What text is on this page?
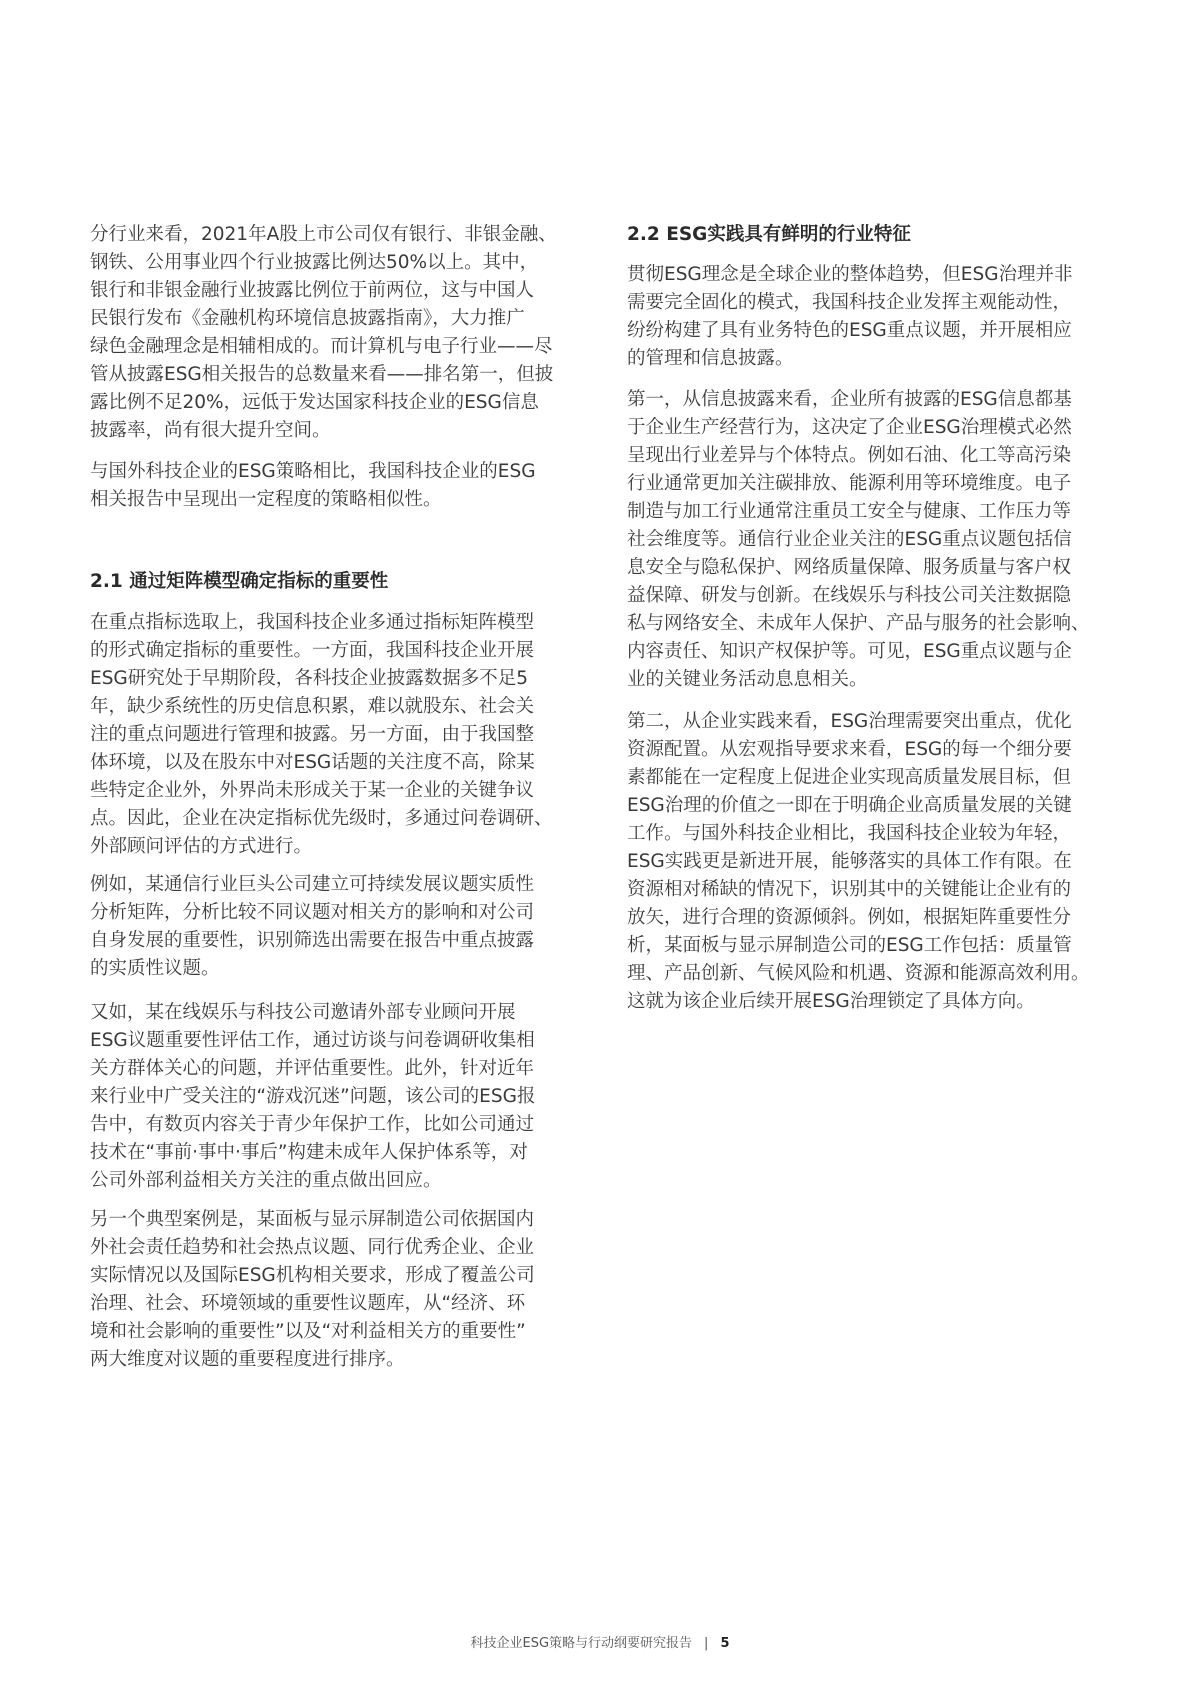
分行业来看，2021年A股上市公司仅有银行、非银金融、
钢铁、公用事业四个行业披露比例达50%以上。其中，
银行和非银金融行业披露比例位于前两位，这与中国人
民银行发布《金融机构环境信息披露指南》，大力推广
绿色金融理念是相辅相成的。而计算机与电子行业——尽
管从披露ESG相关报告的总数量来看——排名第一，但披
露比例不足20%，远低于发达国家科技企业的ESG信息
披露率，尚有很大提升空间。
与国外科技企业的ESG策略相比，我国科技企业的ESG
相关报告中呈现出一定程度的策略相似性。
2.1 通过矩阵模型确定指标的重要性
在重点指标选取上，我国科技企业多通过指标矩阵模型
的形式确定指标的重要性。一方面，我国科技企业开展
ESG研究处于早期阶段，各科技企业披露数据多不足5
年，缺少系统性的历史信息积累，难以就股东、社会关
注的重点问题进行管理和披露。另一方面，由于我国整
体环境，以及在股东中对ESG话题的关注度不高，除某
些特定企业外，外界尚未形成关于某一企业的关键争议
点。因此，企业在决定指标优先级时，多通过问卷调研、
外部顾问评估的方式进行。
例如，某通信行业巨头公司建立可持续发展议题实质性
分析矩阵，分析比较不同议题对相关方的影响和对公司
自身发展的重要性，识别筛选出需要在报告中重点披露
的实质性议题。
又如，某在线娱乐与科技公司邀请外部专业顾问开展
ESG议题重要性评估工作，通过访谈与问卷调研收集相
关方群体关心的问题，并评估重要性。此外，针对近年
来行业中广受关注的“游戏沉迷”问题，该公司的ESG报
告中，有数页内容关于青少年保护工作，比如公司通过
技术在“事前·事中·事后”构建未成年人保护体系等，对
公司外部利益相关方关注的重点做出回应。
另一个典型案例是，某面板与显示屏制造公司依据国内
外社会责任趋势和社会热点议题、同行优秀企业、企业
实际情况以及国际ESG机构相关要求，形成了覆盖公司
治理、社会、环境领域的重要性议题库，从“经济、环
境和社会影响的重要性”以及“对利益相关方的重要性”
两大维度对议题的重要程度进行排序。
2.2 ESG实践具有鲜明的行业特征
贯彻ESG理念是全球企业的整体趋势，但ESG治理并非
需要完全固化的模式，我国科技企业发挥主观能动性，
纷纷构建了具有业务特色的ESG重点议题，并开展相应
的管理和信息披露。
第一，从信息披露来看，企业所有披露的ESG信息都基
于企业生产经营行为，这决定了企业ESG治理模式必然
呈现出行业差异与个体特点。例如石油、化工等高污染
行业通常更加关注碳排放、能源利用等环境维度。电子
制造与加工行业通常注重员工安全与健康、工作压力等
社会维度等。通信行业企业关注的ESG重点议题包括信
息安全与隐私保护、网络质量保障、服务质量与客户权
益保障、研发与创新。在线娱乐与科技公司关注数据隐
私与网络安全、未成年人保护、产品与服务的社会影响、
内容责任、知识产权保护等。可见，ESG重点议题与企
业的关键业务活动息息相关。
第二，从企业实践来看，ESG治理需要突出重点，优化
资源配置。从宏观指导要求来看，ESG的每一个细分要
素都能在一定程度上促进企业实现高质量发展目标，但
ESG治理的价值之一即在于明确企业高质量发展的关键
工作。与国外科技企业相比，我国科技企业较为年轻，
ESG实践更是新进开展，能够落实的具体工作有限。在
资源相对稀缺的情况下，识别其中的关键能让企业有的
放矢，进行合理的资源倾斜。例如，根据矩阵重要性分
析，某面板与显示屏制造公司的ESG工作包括：质量管
理、产品创新、气候风险和机遇、资源和能源高效利用。
这就为该企业后续开展ESG治理锁定了具体方向。
科技企业ESG策略与行动纲要研究报告 | 5
